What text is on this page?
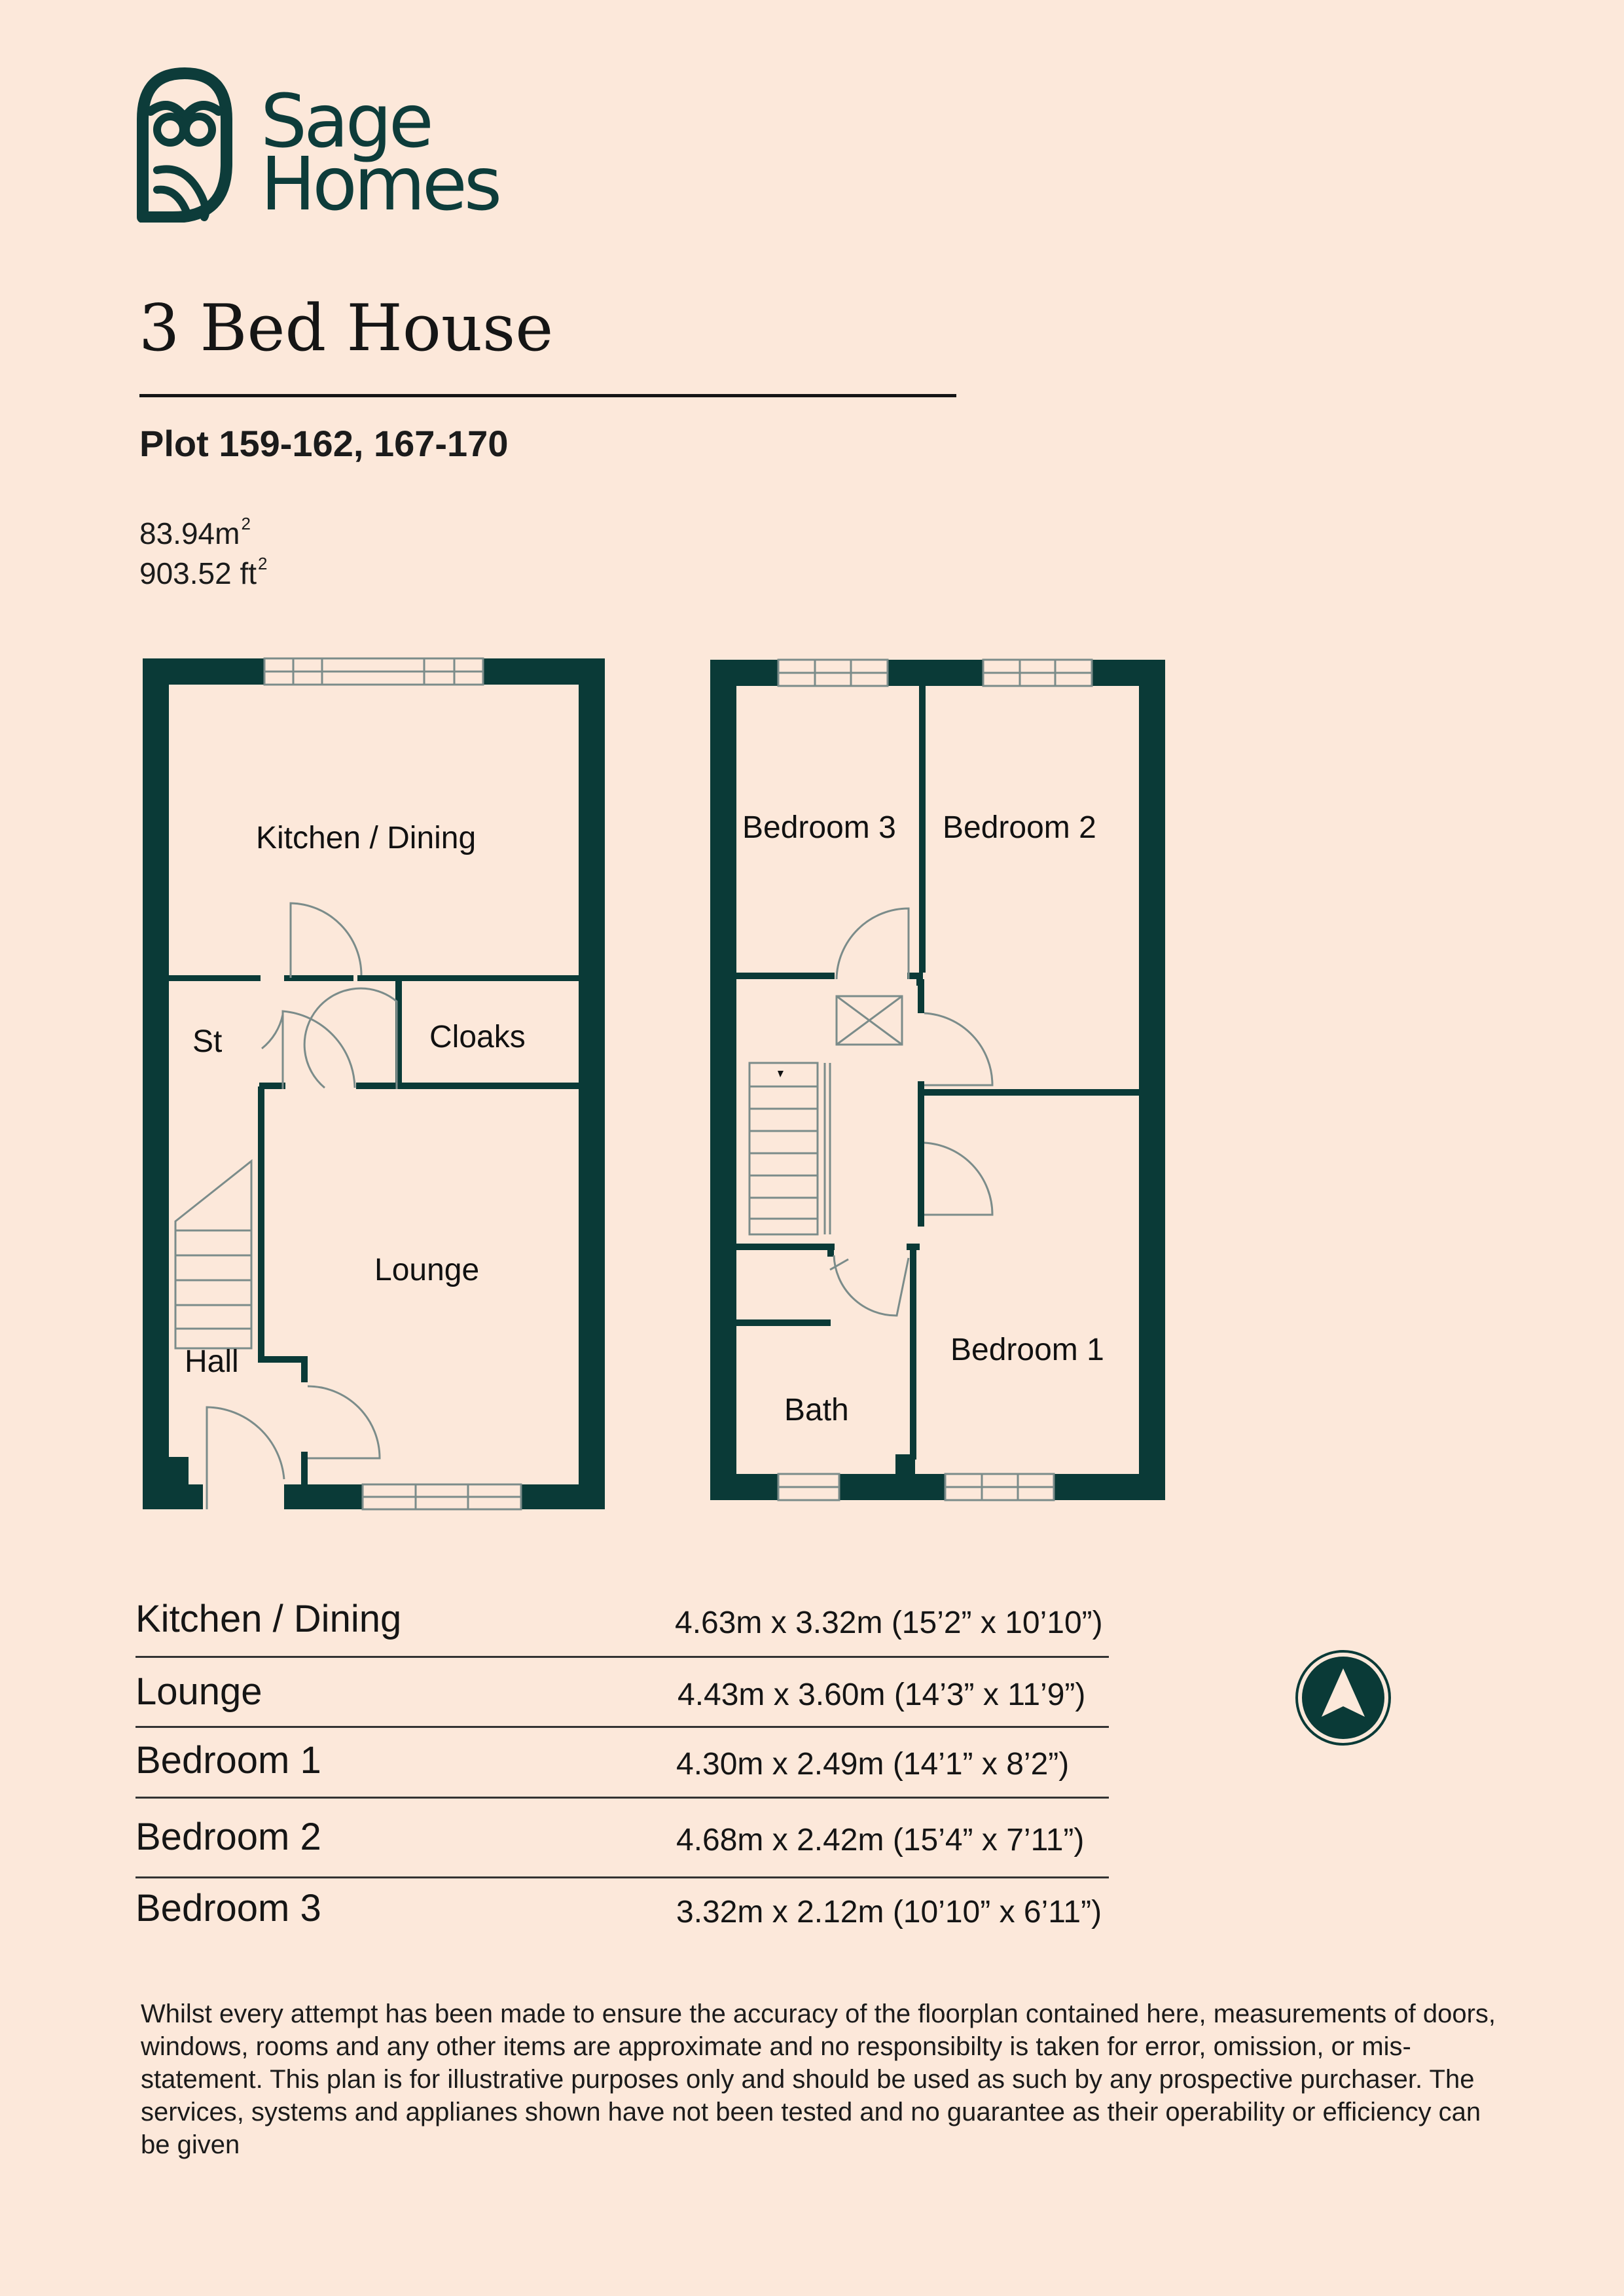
Sage
Homes
3 Bed House
Plot 159-162, 167-170
$83.94m^2$
903.52 $ft^2$
Kitchen / Dining
St	Cloaks
Lounge
Hall
Bedroom 3 Bedroom 2
Bedroom 1
Bath
Kitchen / Dining	4.63m x 3.32m (15’2” x 10’10”)
Lounge	4.43m x 3.60m (14’3” x 11’9”)
Bedroom 1	4.30m x 2.49m (14’1” x 8’2”)
Bedroom 2	4.68m x 2.42m (15’4” x 7’11”)
Bedroom 3	3.32m x 2.12m (10’10” x 6’11”)
Whilst every attempt has been made to ensure the accuracy of the floorplan contained here, measurements of doors, windows, rooms and any other items are approximate and no responsibilty is taken for error, omission, or mis-statement. This plan is for illustrative purposes only and should be used as such by any prospective purchaser. The services, systems and applianes shown have not been tested and no guarantee as their operability or efficiency can be given
